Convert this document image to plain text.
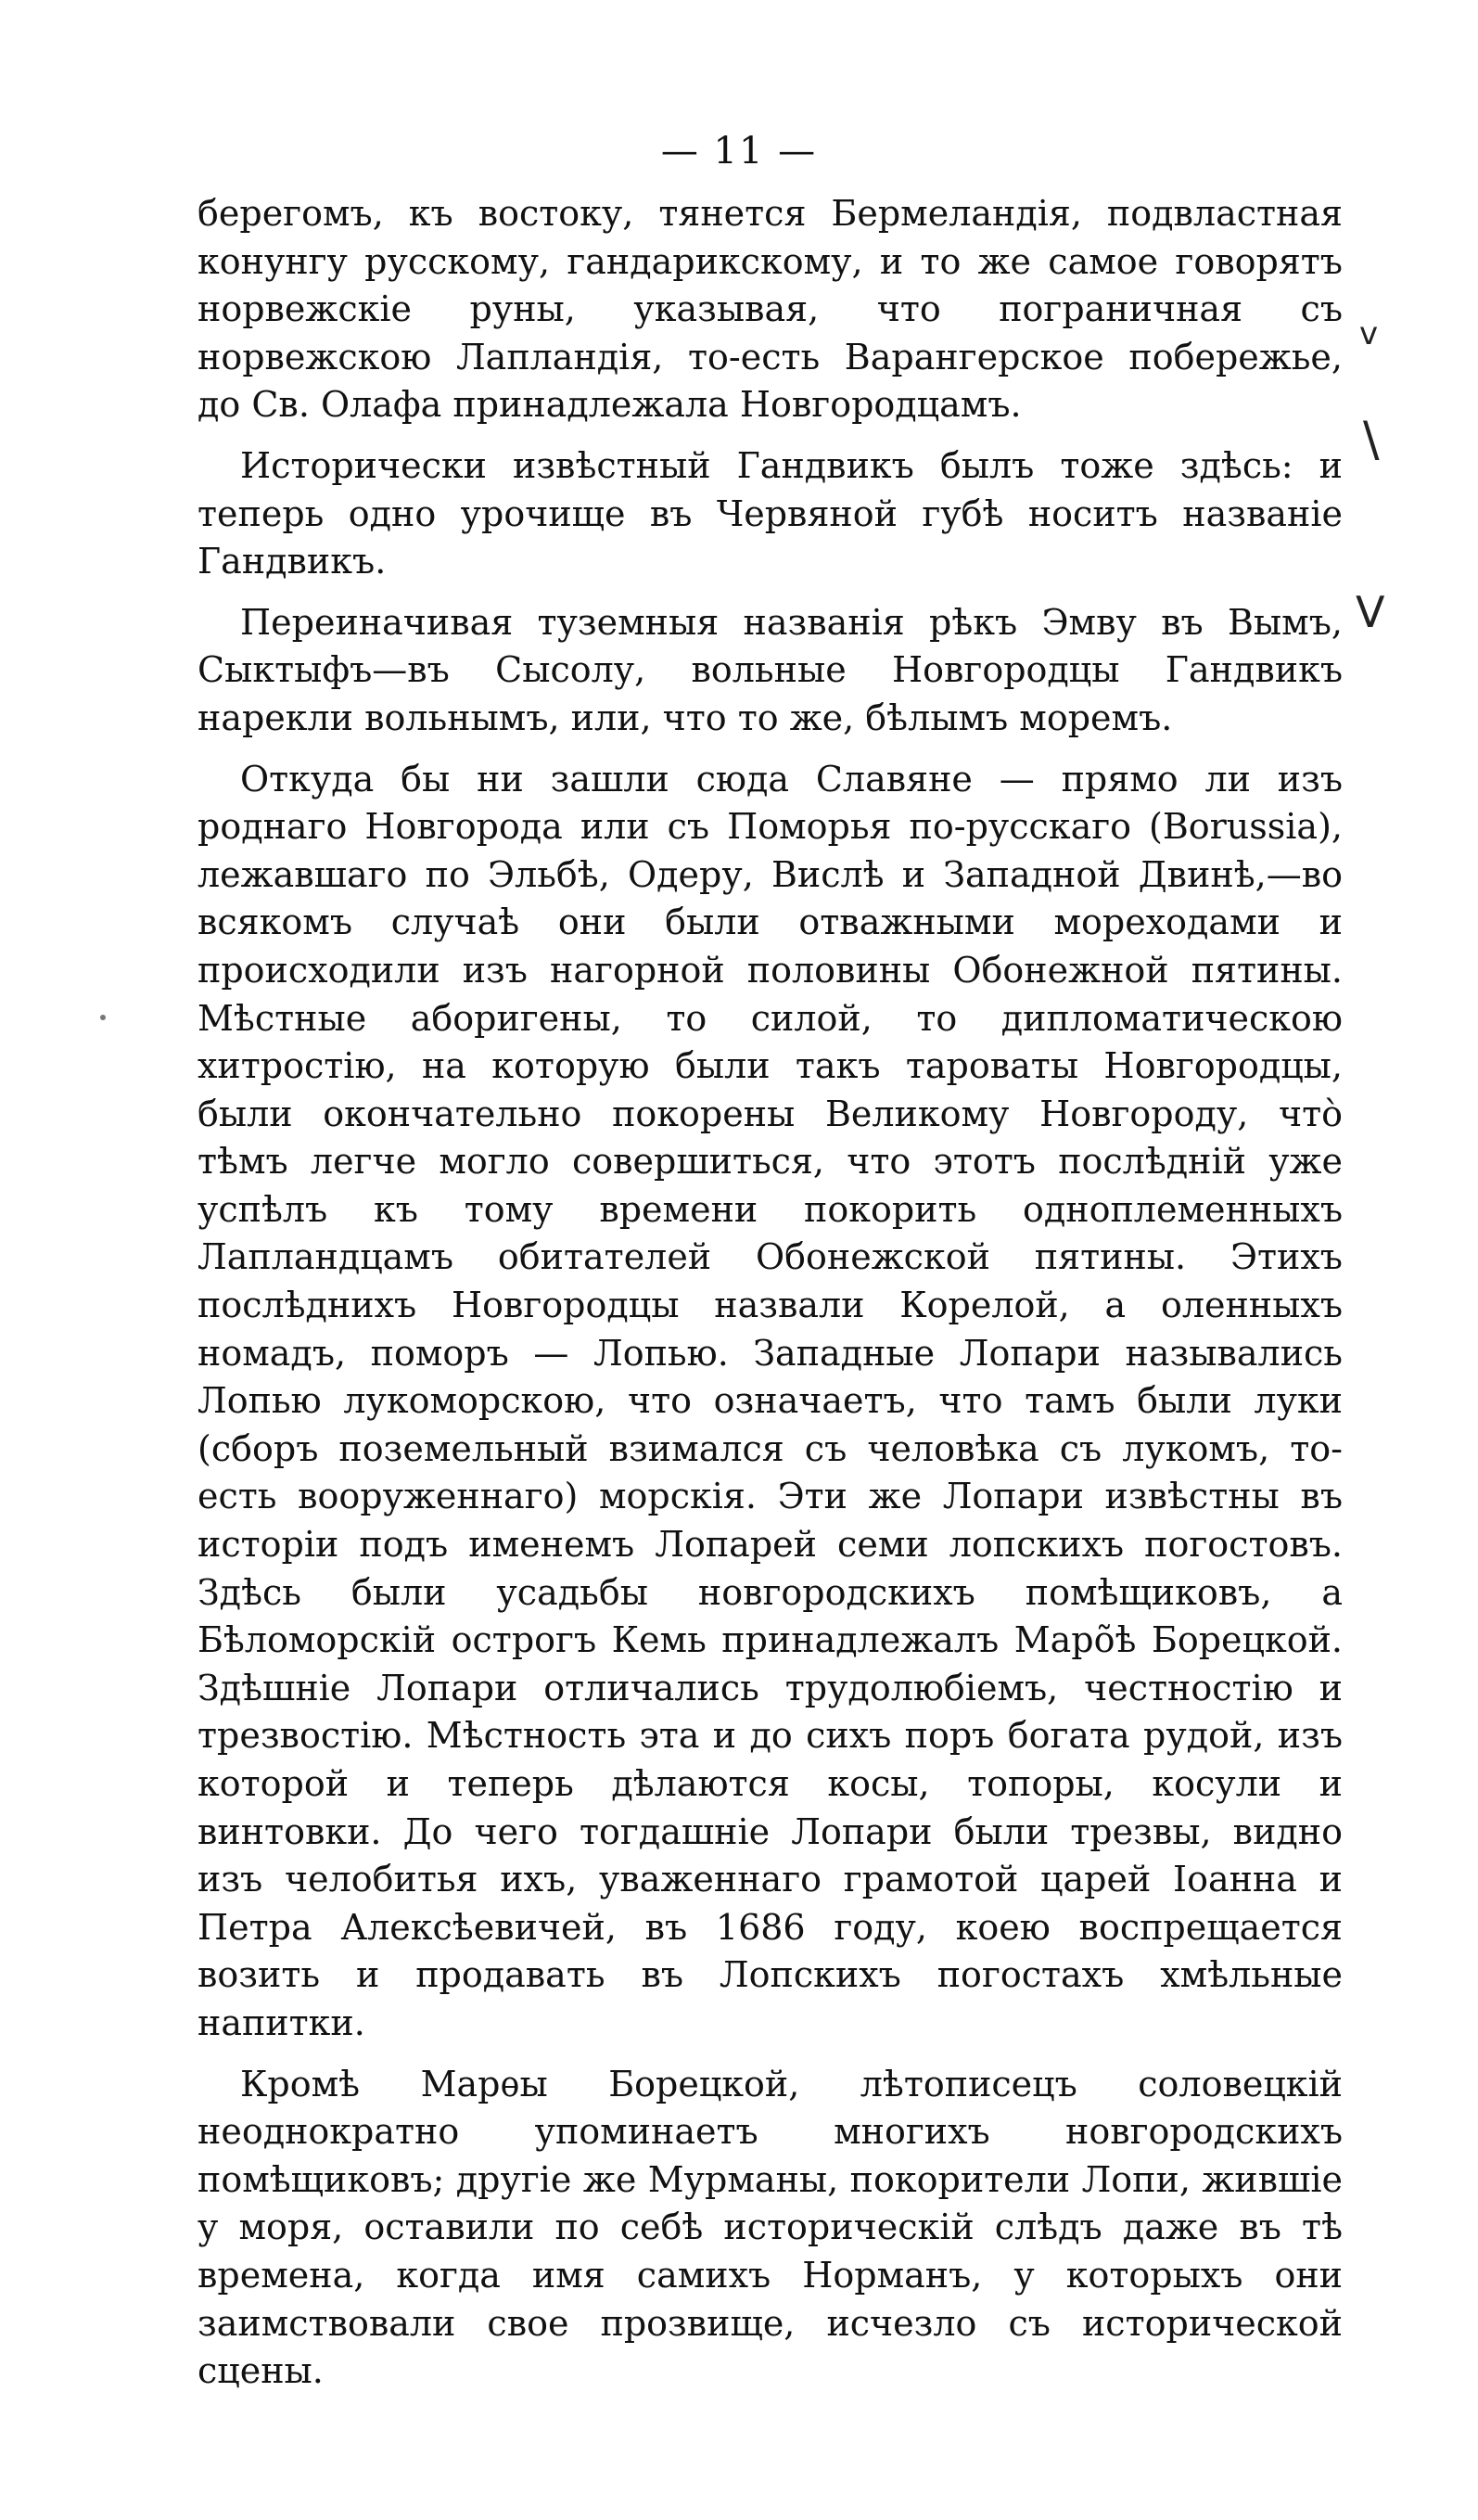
— 11 —

берегомъ, къ востоку, тянется Бермеландія, подвластная конунгу русскому, гандарикскому, и то же самое говорятъ норвежскіе руны, указывая, что пограничная съ норвежскою Лапландія, то-есть Варангерское побережье, до Св. Олафа принадлежала Новгородцамъ.

Исторически извѣстный Гандвикъ былъ тоже здѣсь: и теперь одно урочище въ Червяной губѣ носитъ названіе Гандвикъ.

Переиначивая туземныя названія рѣкъ Эмву въ Вымъ, Сыктыфъ—въ Сысолу, вольные Новгородцы Гандвикъ нарекли вольнымъ, или, что то же, бѣлымъ моремъ.

Откуда бы ни зашли сюда Славяне — прямо ли изъ роднаго Новгорода или съ Поморья по-русскаго (Borussia), лежавшаго по Эльбѣ, Одеру, Вислѣ и Западной Двинѣ,—во всякомъ случаѣ они были отважными мореходами и происходили изъ нагорной половины Обонежной пятины. Мѣстные аборигены, то силой, то дипломатическою хитростію, на которую были такъ тароваты Новгородцы, были окончательно покорены Великому Новгороду, что̀ тѣмъ легче могло совершиться, что этотъ послѣдній уже успѣлъ къ тому времени покорить одноплеменныхъ Лапландцамъ обитателей Обонежской пятины. Этихъ послѣднихъ Новгородцы назвали Корелой, а оленныхъ номадъ, поморъ — Лопью. Западные Лопари назывались Лопью лукоморскою, что означаетъ, что тамъ были луки (сборъ поземельный взимался съ человѣка съ лукомъ, то-есть вооруженнаго) морскія. Эти же Лопари извѣстны въ исторіи подъ именемъ Лопарей семи лопскихъ погостовъ. Здѣсь были усадьбы новгородскихъ помѣщиковъ, а Бѣломорскій острогъ Кемь принадлежалъ Маро̃ѣ Борецкой. Здѣшніе Лопари отличались трудолюбіемъ, честностію и трезвостію. Мѣстность эта и до сихъ поръ богата рудой, изъ которой и теперь дѣлаются косы, топоры, косули и винтовки. До чего тогдашніе Лопари были трезвы, видно изъ челобитья ихъ, уваженнаго грамотой царей Іоанна и Петра Алексѣевичей, въ 1686 году, коею воспрещается возить и продавать въ Лопскихъ погостахъ хмѣльные напитки.

Кромѣ Марѳы Борецкой, лѣтописецъ соловецкій неоднократно упоминаетъ многихъ новгородскихъ помѣщиковъ; другіе же Мурманы, покорители Лопи, жившіе у моря, оставили по себѣ историческій слѣдъ даже въ тѣ времена, когда имя самихъ Норманъ, у которыхъ они заимствовали свое прозвище, исчезло съ исторической сцены.

v
\
V
